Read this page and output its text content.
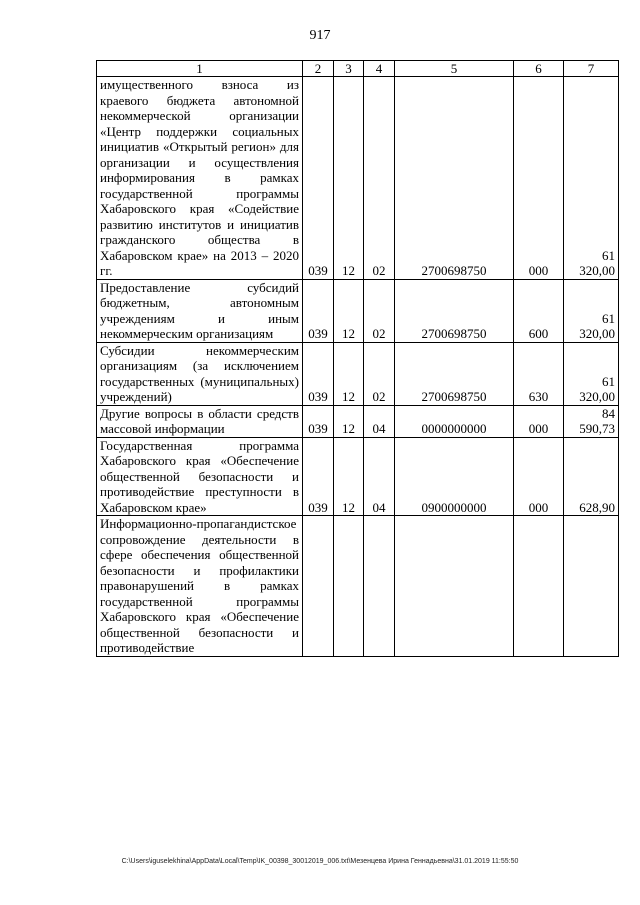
917
1	2	3	4	5	6	7
имущественного взноса из краевого бюджета автономной некоммерческой организации «Центр поддержки социальных инициатив «Открытый регион» для организации и осуществления информирования в рамках государственной программы Хабаровского края «Содействие развитию институтов и инициатив гражданского общества в Хабаровском крае» на 2013 – 2020 гг.	039	12	02	2700698750	000	61 320,00
Предоставление субсидий бюджетным, автономным учреждениям и иным некоммерческим организациям	039	12	02	2700698750	600	61 320,00
Субсидии некоммерческим организациям (за исключением государственных (муниципальных) учреждений)	039	12	02	2700698750	630	61 320,00
Другие вопросы в области средств массовой информации	039	12	04	0000000000	000	84 590,73
Государственная программа Хабаровского края «Обеспечение общественной безопасности и противодействие преступности в Хабаровском крае»	039	12	04	0900000000	000	628,90
Информационно-пропагандистское сопровождение деятельности в сфере обеспечения общественной безопасности и профилактики правонарушений в рамках государственной программы Хабаровского края «Обеспечение общественной безопасности и противодействие						
C:\Users\iguselekhina\AppData\Local\Temp\IK_00398_30012019_006.txt\Мезенцева Ирина Геннадьевна\31.01.2019 11:55:50
